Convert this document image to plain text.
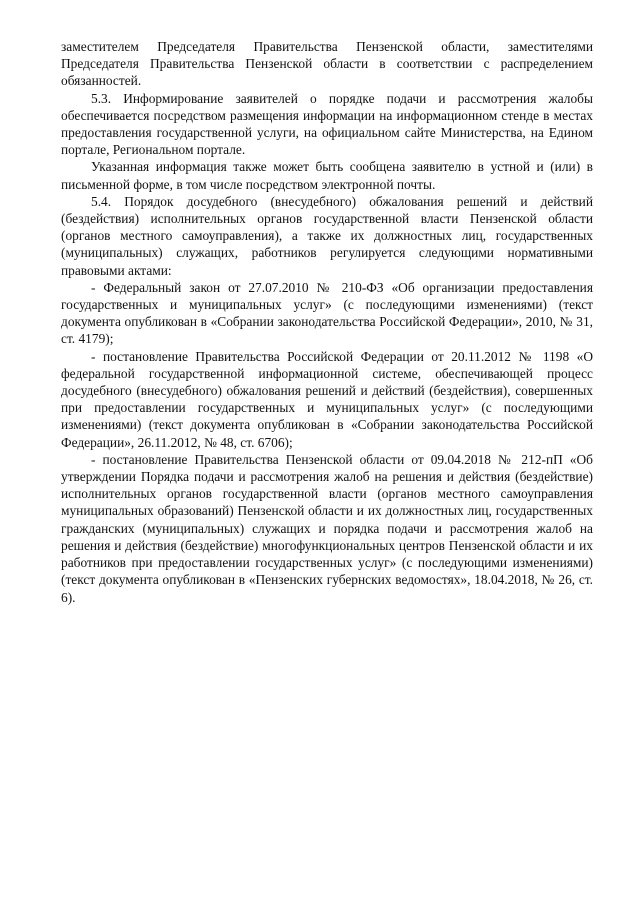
заместителем Председателя Правительства Пензенской области, заместителями Председателя Правительства Пензенской области в соответствии с распределением обязанностей.

5.3. Информирование заявителей о порядке подачи и рассмотрения жалобы обеспечивается посредством размещения информации на информационном стенде в местах предоставления государственной услуги, на официальном сайте Министерства, на Едином портале, Региональном портале.

Указанная информация также может быть сообщена заявителю в устной и (или) в письменной форме, в том числе посредством электронной почты.

5.4. Порядок досудебного (внесудебного) обжалования решений и действий (бездействия) исполнительных органов государственной власти Пензенской области (органов местного самоуправления), а также их должностных лиц, государственных (муниципальных) служащих, работников регулируется следующими нормативными правовыми актами:

- Федеральный закон от 27.07.2010 № 210-ФЗ «Об организации предоставления государственных и муниципальных услуг» (с последующими изменениями) (текст документа опубликован в «Собрании законодательства Российской Федерации», 2010, № 31, ст. 4179);

- постановление Правительства Российской Федерации от 20.11.2012 № 1198 «О федеральной государственной информационной системе, обеспечивающей процесс досудебного (внесудебного) обжалования решений и действий (бездействия), совершенных при предоставлении государственных и муниципальных услуг» (с последующими изменениями) (текст документа опубликован в «Собрании законодательства Российской Федерации», 26.11.2012, № 48, ст. 6706);

- постановление Правительства Пензенской области от 09.04.2018 № 212-пП «Об утверждении Порядка подачи и рассмотрения жалоб на решения и действия (бездействие) исполнительных органов государственной власти (органов местного самоуправления муниципальных образований) Пензенской области и их должностных лиц, государственных гражданских (муниципальных) служащих и порядка подачи и рассмотрения жалоб на решения и действия (бездействие) многофункциональных центров Пензенской области и их работников при предоставлении государственных услуг» (с последующими изменениями) (текст документа опубликован в «Пензенских губернских ведомостях», 18.04.2018, № 26, ст. 6).
